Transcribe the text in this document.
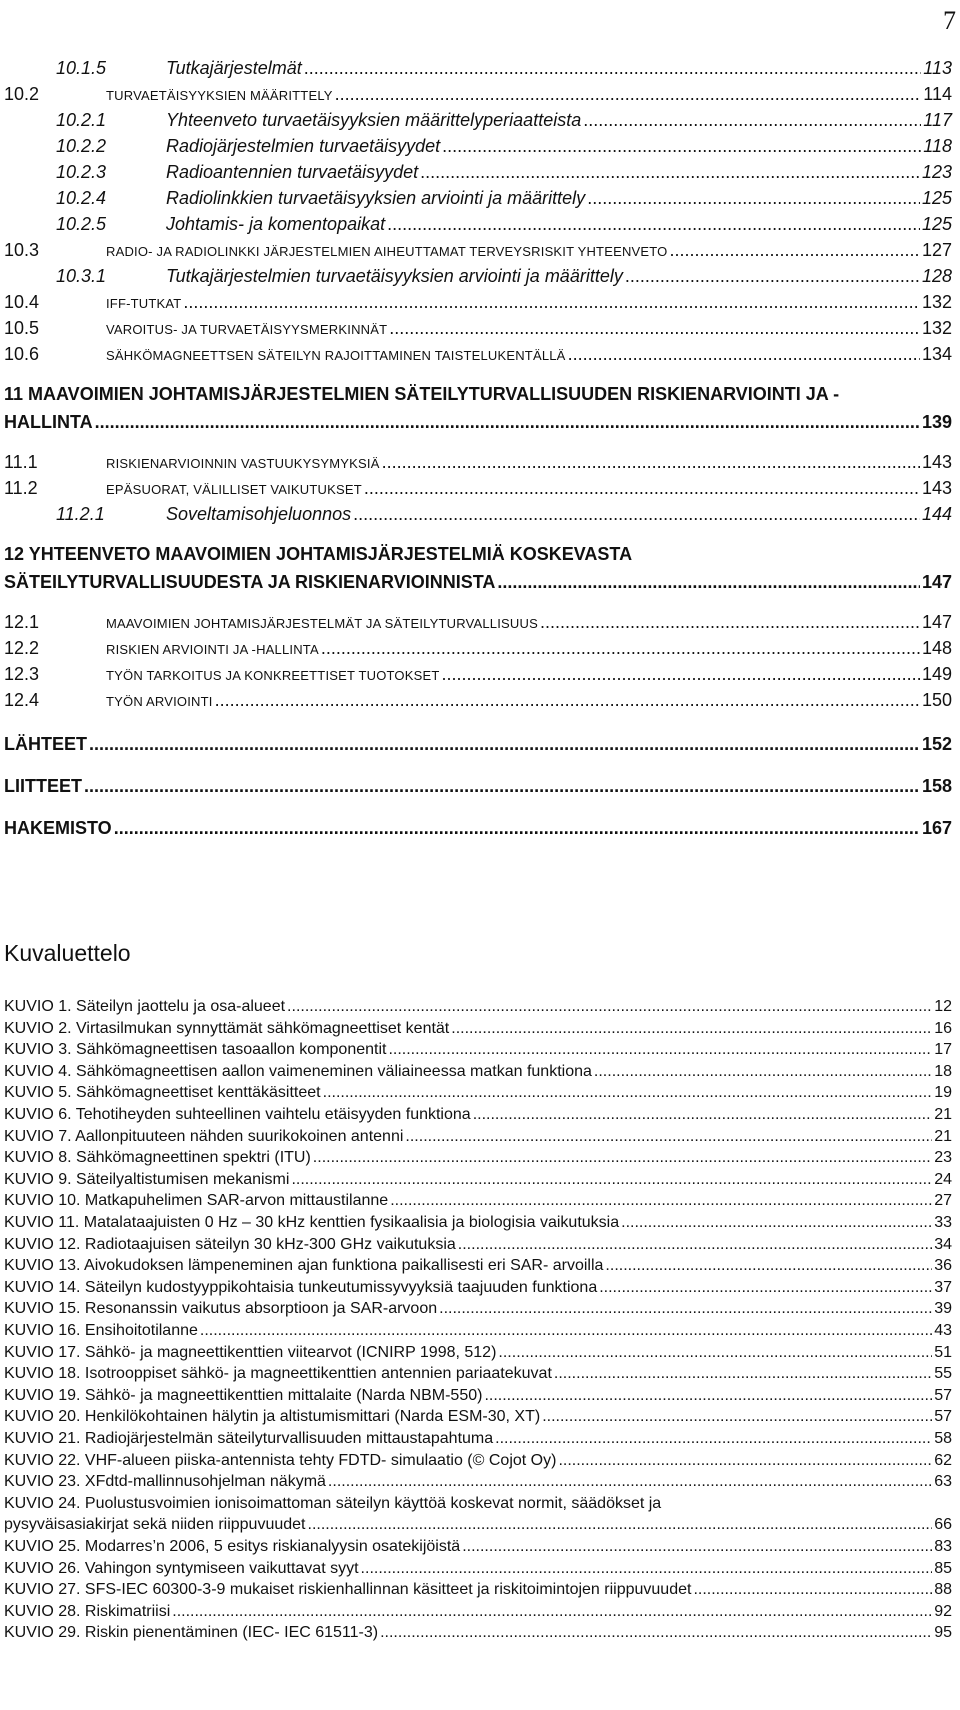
7
Kuvaluettelo
10.1.5	Tutkajärjestelmät .....	113
10.2	TURVAETÄISYYKSIEN MÄÄRITTELY .....	114
10.2.1	Yhteenveto turvaetäisyyksien määrittelyperiaatteista .....	117
10.2.2	Radiojärjestelmien turvaetäisyydet .....	118
10.2.3	Radioantennien turvaetäisyydet .....	123
10.2.4	Radiolinkkien turvaetäisyyksien arviointi ja määrittely .....	125
10.2.5	Johtamis- ja komentopaikat .....	125
10.3	RADIO- JA RADIOLINKKI JÄRJESTELMIEN AIHEUTTAMAT TERVEYSRISKIT YHTEENVETO .....	127
10.3.1	Tutkajärjestelmien turvaetäisyyksien arviointi ja määrittely .....	128
10.4	IFF-TUTKAT .....	132
10.5	VAROITUS- JA TURVAETÄISYYSMERKINNÄT .....	132
10.6	SÄHKÖMAGNEETTSEN SÄTEILYN RAJOITTAMINEN TAISTELUKENTÄLLÄ .....	134
11 MAAVOIMIEN JOHTAMISJÄRJESTELMIEN SÄTEILYTURVALLISUUDEN RISKIENARVIOINTI JA -
HALLINTA .....	139
11.1	RISKIENARVIOINNIN VASTUUKYSYMYKSIÄ .....	143
11.2	EPÄSUORAT, VÄLILLISET VAIKUTUKSET .....	143
11.2.1	Soveltamisohjeluonnos .....	144
12 YHTEENVETO MAAVOIMIEN JOHTAMISJÄRJESTELMIÄ KOSKEVASTA
SÄTEILYTURVALLISUUDESTA JA RISKIENARVIOINNISTA .....	147
12.1	MAAVOIMIEN JOHTAMISJÄRJESTELMÄT JA SÄTEILYTURVALLISUUS .....	147
12.2	RISKIEN ARVIOINTI JA -HALLINTA .....	148
12.3	TYÖN TARKOITUS JA KONKREETTISET TUOTOKSET .....	149
12.4	TYÖN ARVIOINTI .....	150
LÄHTEET .....	152
LIITTEET .....	158
HAKEMISTO .....	167
KUVIO 1. Säteilyn jaottelu ja osa-alueet .....	12
KUVIO 2. Virtasilmukan synnyttämät sähkömagneettiset kentät .....	16
KUVIO 3. Sähkömagneettisen tasoaallon komponentit .....	17
KUVIO 4. Sähkömagneettisen aallon vaimeneminen väliaineessa matkan funktiona .....	18
KUVIO 5. Sähkömagneettiset kenttäkäsitteet .....	19
KUVIO 6. Tehotiheyden suhteellinen vaihtelu etäisyyden funktiona .....	21
KUVIO 7. Aallonpituuteen nähden suurikokoinen antenni .....	21
KUVIO 8. Sähkömagneettinen spektri (ITU) .....	23
KUVIO 9. Säteilyaltistumisen mekanismi .....	24
KUVIO 10. Matkapuhelimen SAR-arvon mittaustilanne .....	27
KUVIO 11. Matalataajuisten 0 Hz – 30 kHz kenttien fysikaalisia ja biologisia vaikutuksia .....	33
KUVIO 12. Radiotaajuisen säteilyn 30 kHz-300 GHz vaikutuksia .....	34
KUVIO 13. Aivokudoksen lämpeneminen ajan funktiona paikallisesti eri SAR- arvoilla .....	36
KUVIO 14. Säteilyn kudostyyppikohtaisia tunkeutumissyvyyksiä taajuuden funktiona .....	37
KUVIO 15. Resonanssin vaikutus absorptioon ja SAR-arvoon .....	39
KUVIO 16. Ensihoitotilanne .....	43
KUVIO 17. Sähkö- ja magneettikenttien viitearvot (ICNIRP 1998, 512) .....	51
KUVIO 18. Isotrooppiset sähkö- ja magneettikenttien antennien pariaatekuvat .....	55
KUVIO 19. Sähkö- ja magneettikenttien mittalaite (Narda NBM-550) .....	57
KUVIO 20. Henkilökohtainen hälytin ja altistumismittari (Narda ESM-30, XT) .....	57
KUVIO 21. Radiojärjestelmän säteilyturvallisuuden mittaustapahtuma .....	58
KUVIO 22. VHF-alueen piiska-antennista tehty FDTD- simulaatio (© Cojot Oy) .....	62
KUVIO 23. XFdtd-mallinnusohjelman näkymä .....	63
KUVIO 24. Puolustusvoimien ionisoimattoman säteilyn käyttöä koskevat normit, säädökset ja
pysyväisasiakirjat sekä niiden riippuvuudet .....	66
KUVIO 25. Modarres’n 2006, 5 esitys riskianalyysin osatekijöistä .....	83
KUVIO 26. Vahingon syntymiseen vaikuttavat syyt .....	85
KUVIO 27. SFS-IEC 60300-3-9 mukaiset riskienhallinnan käsitteet ja riskitoimintojen riippuvuudet .....	88
KUVIO 28. Riskimatriisi .....	92
KUVIO 29. Riskin pienentäminen (IEC- IEC 61511-3) .....	95
